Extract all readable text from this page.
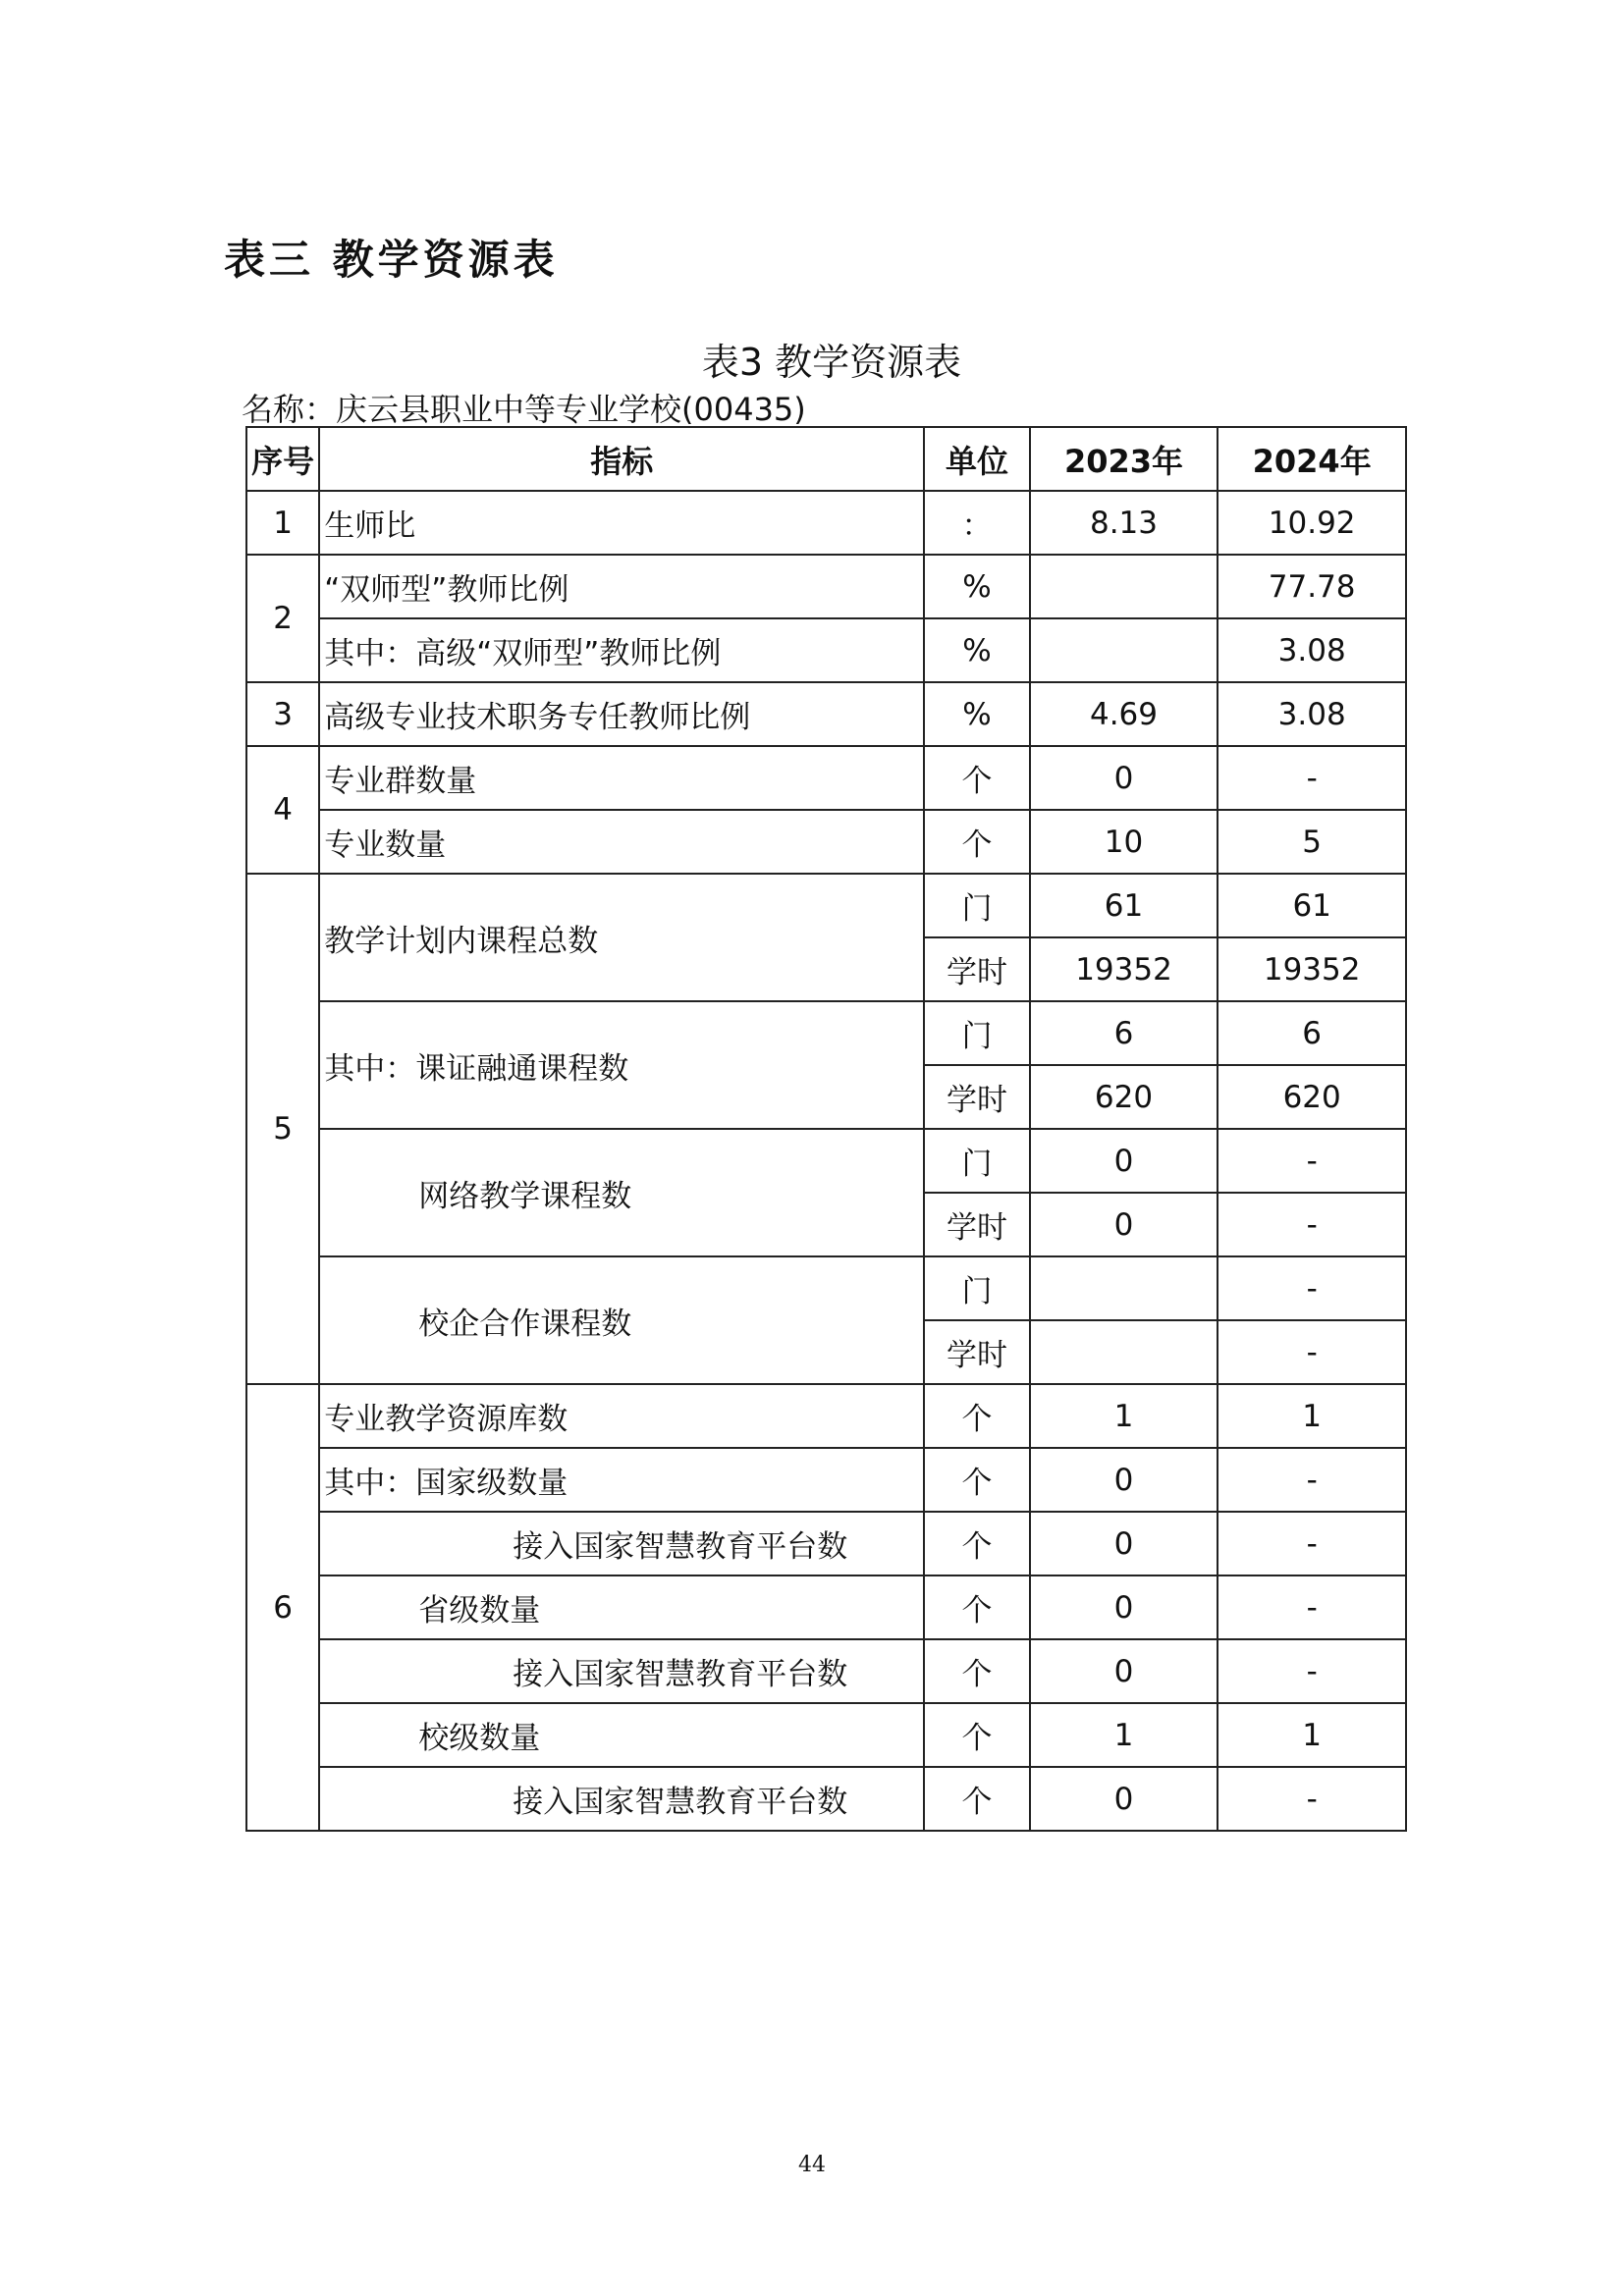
表三 教学资源表
表3 教学资源表
名称：庆云县职业中等专业学校(00435)
序号	指标	单位	2023年	2024年
1	生师比	：	8.13	10.92
2	“双师型”教师比例	%		77.78
	其中：高级“双师型”教师比例	%		3.08
3	高级专业技术职务专任教师比例	%	4.69	3.08
4	专业群数量	个	0	-
	专业数量	个	10	5
5	教学计划内课程总数	门	61	61
		学时	19352	19352
	其中：课证融通课程数	门	6	6
		学时	620	620
	网络教学课程数	门	0	-
		学时	0	-
	校企合作课程数	门		-
		学时		-
6	专业教学资源库数	个	1	1
	其中：国家级数量	个	0	-
	接入国家智慧教育平台数	个	0	-
	省级数量	个	0	-
	接入国家智慧教育平台数	个	0	-
	校级数量	个	1	1
	接入国家智慧教育平台数	个	0	-
44
